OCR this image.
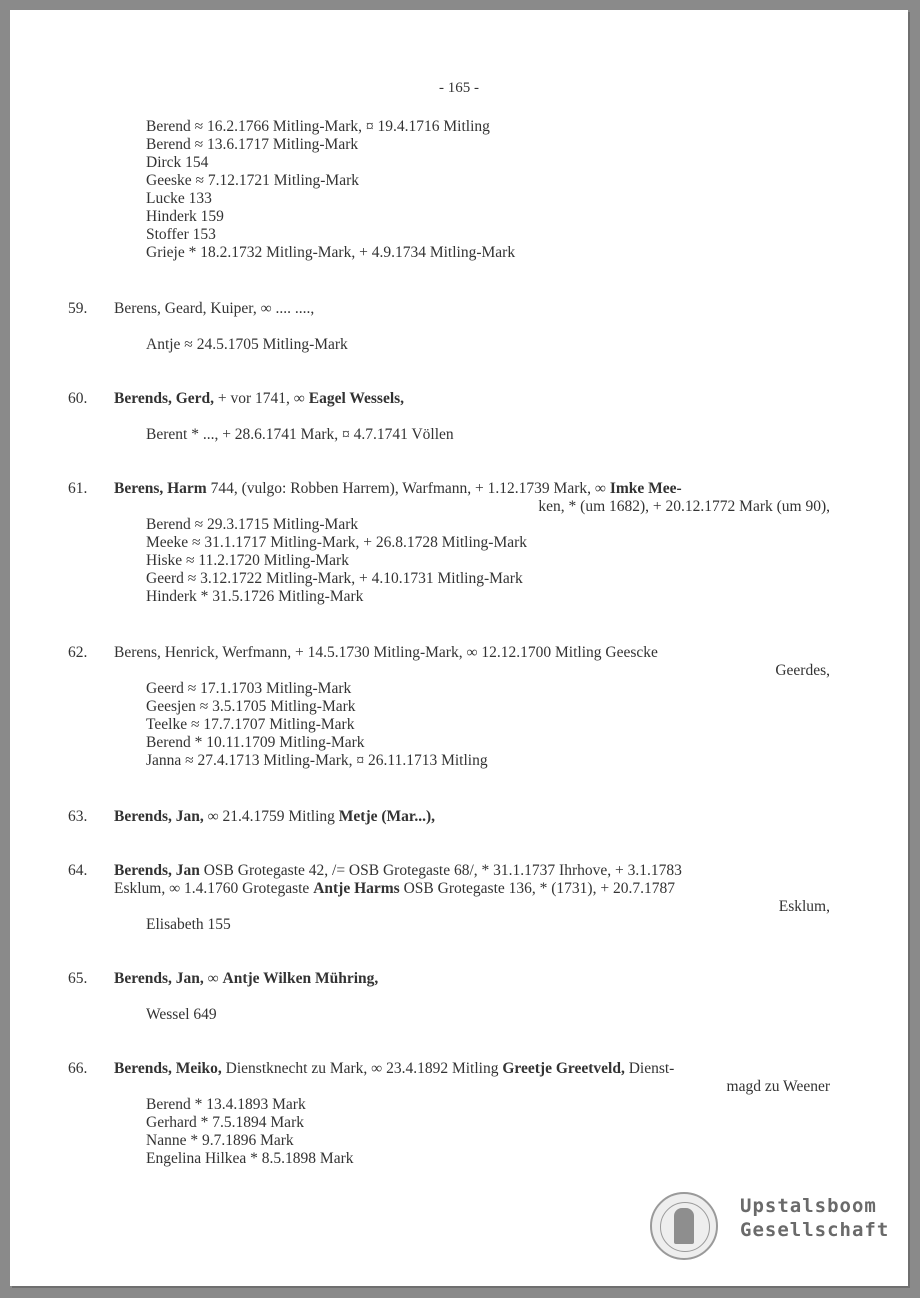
- 165 -
Berend ≈ 16.2.1766 Mitling-Mark, ¤ 19.4.1716 Mitling
Berend ≈ 13.6.1717 Mitling-Mark
Dirck 154
Geeske ≈ 7.12.1721 Mitling-Mark
Lucke 133
Hinderk 159
Stoffer 153
Grieje * 18.2.1732 Mitling-Mark, + 4.9.1734 Mitling-Mark
59. Berens, Geard, Kuiper, ∞ .... ....,
Antje ≈ 24.5.1705 Mitling-Mark
60. Berends, Gerd, + vor 1741, ∞ Eagel Wessels,
Berent * ..., + 28.6.1741 Mark, ¤ 4.7.1741 Völlen
61. Berens, Harm 744, (vulgo: Robben Harrem), Warfmann, + 1.12.1739 Mark, ∞ Imke Mee-
ken, * (um 1682), + 20.12.1772 Mark (um 90),
Berend ≈ 29.3.1715 Mitling-Mark
Meeke ≈ 31.1.1717 Mitling-Mark, + 26.8.1728 Mitling-Mark
Hiske ≈ 11.2.1720 Mitling-Mark
Geerd ≈ 3.12.1722 Mitling-Mark, + 4.10.1731 Mitling-Mark
Hinderk * 31.5.1726 Mitling-Mark
62. Berens, Henrick, Werfmann, + 14.5.1730 Mitling-Mark, ∞ 12.12.1700 Mitling Geescke
Geerdes,
Geerd ≈ 17.1.1703 Mitling-Mark
Geesjen ≈ 3.5.1705 Mitling-Mark
Teelke ≈ 17.7.1707 Mitling-Mark
Berend * 10.11.1709 Mitling-Mark
Janna ≈ 27.4.1713 Mitling-Mark, ¤ 26.11.1713 Mitling
63. Berends, Jan, ∞ 21.4.1759 Mitling Metje (Mar...),
64. Berends, Jan OSB Grotegaste 42, /= OSB Grotegaste 68/, * 31.1.1737 Ihrhove, + 3.1.1783
Esklum, ∞ 1.4.1760 Grotegaste Antje Harms OSB Grotegaste 136, * (1731), + 20.7.1787
Esklum,
Elisabeth 155
65. Berends, Jan, ∞ Antje Wilken Mühring,
Wessel 649
66. Berends, Meiko, Dienstknecht zu Mark, ∞ 23.4.1892 Mitling Greetje Greetveld, Dienst-
magd zu Weener
Berend * 13.4.1893 Mark
Gerhard * 7.5.1894 Mark
Nanne * 9.7.1896 Mark
Engelina Hilkea * 8.5.1898 Mark
Upstalsboom
Gesellschaft
